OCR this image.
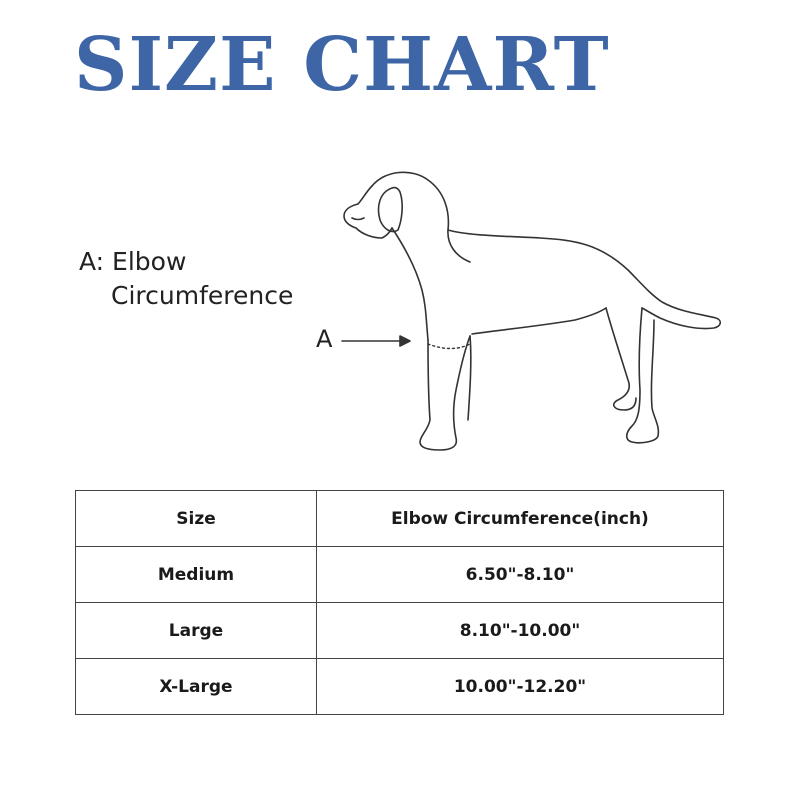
SIZE CHART
A: Elbow
Circumference
A
Size	Elbow Circumference(inch)
Medium	6.50"-8.10"
Large	8.10"-10.00"
X-Large	10.00"-12.20"
